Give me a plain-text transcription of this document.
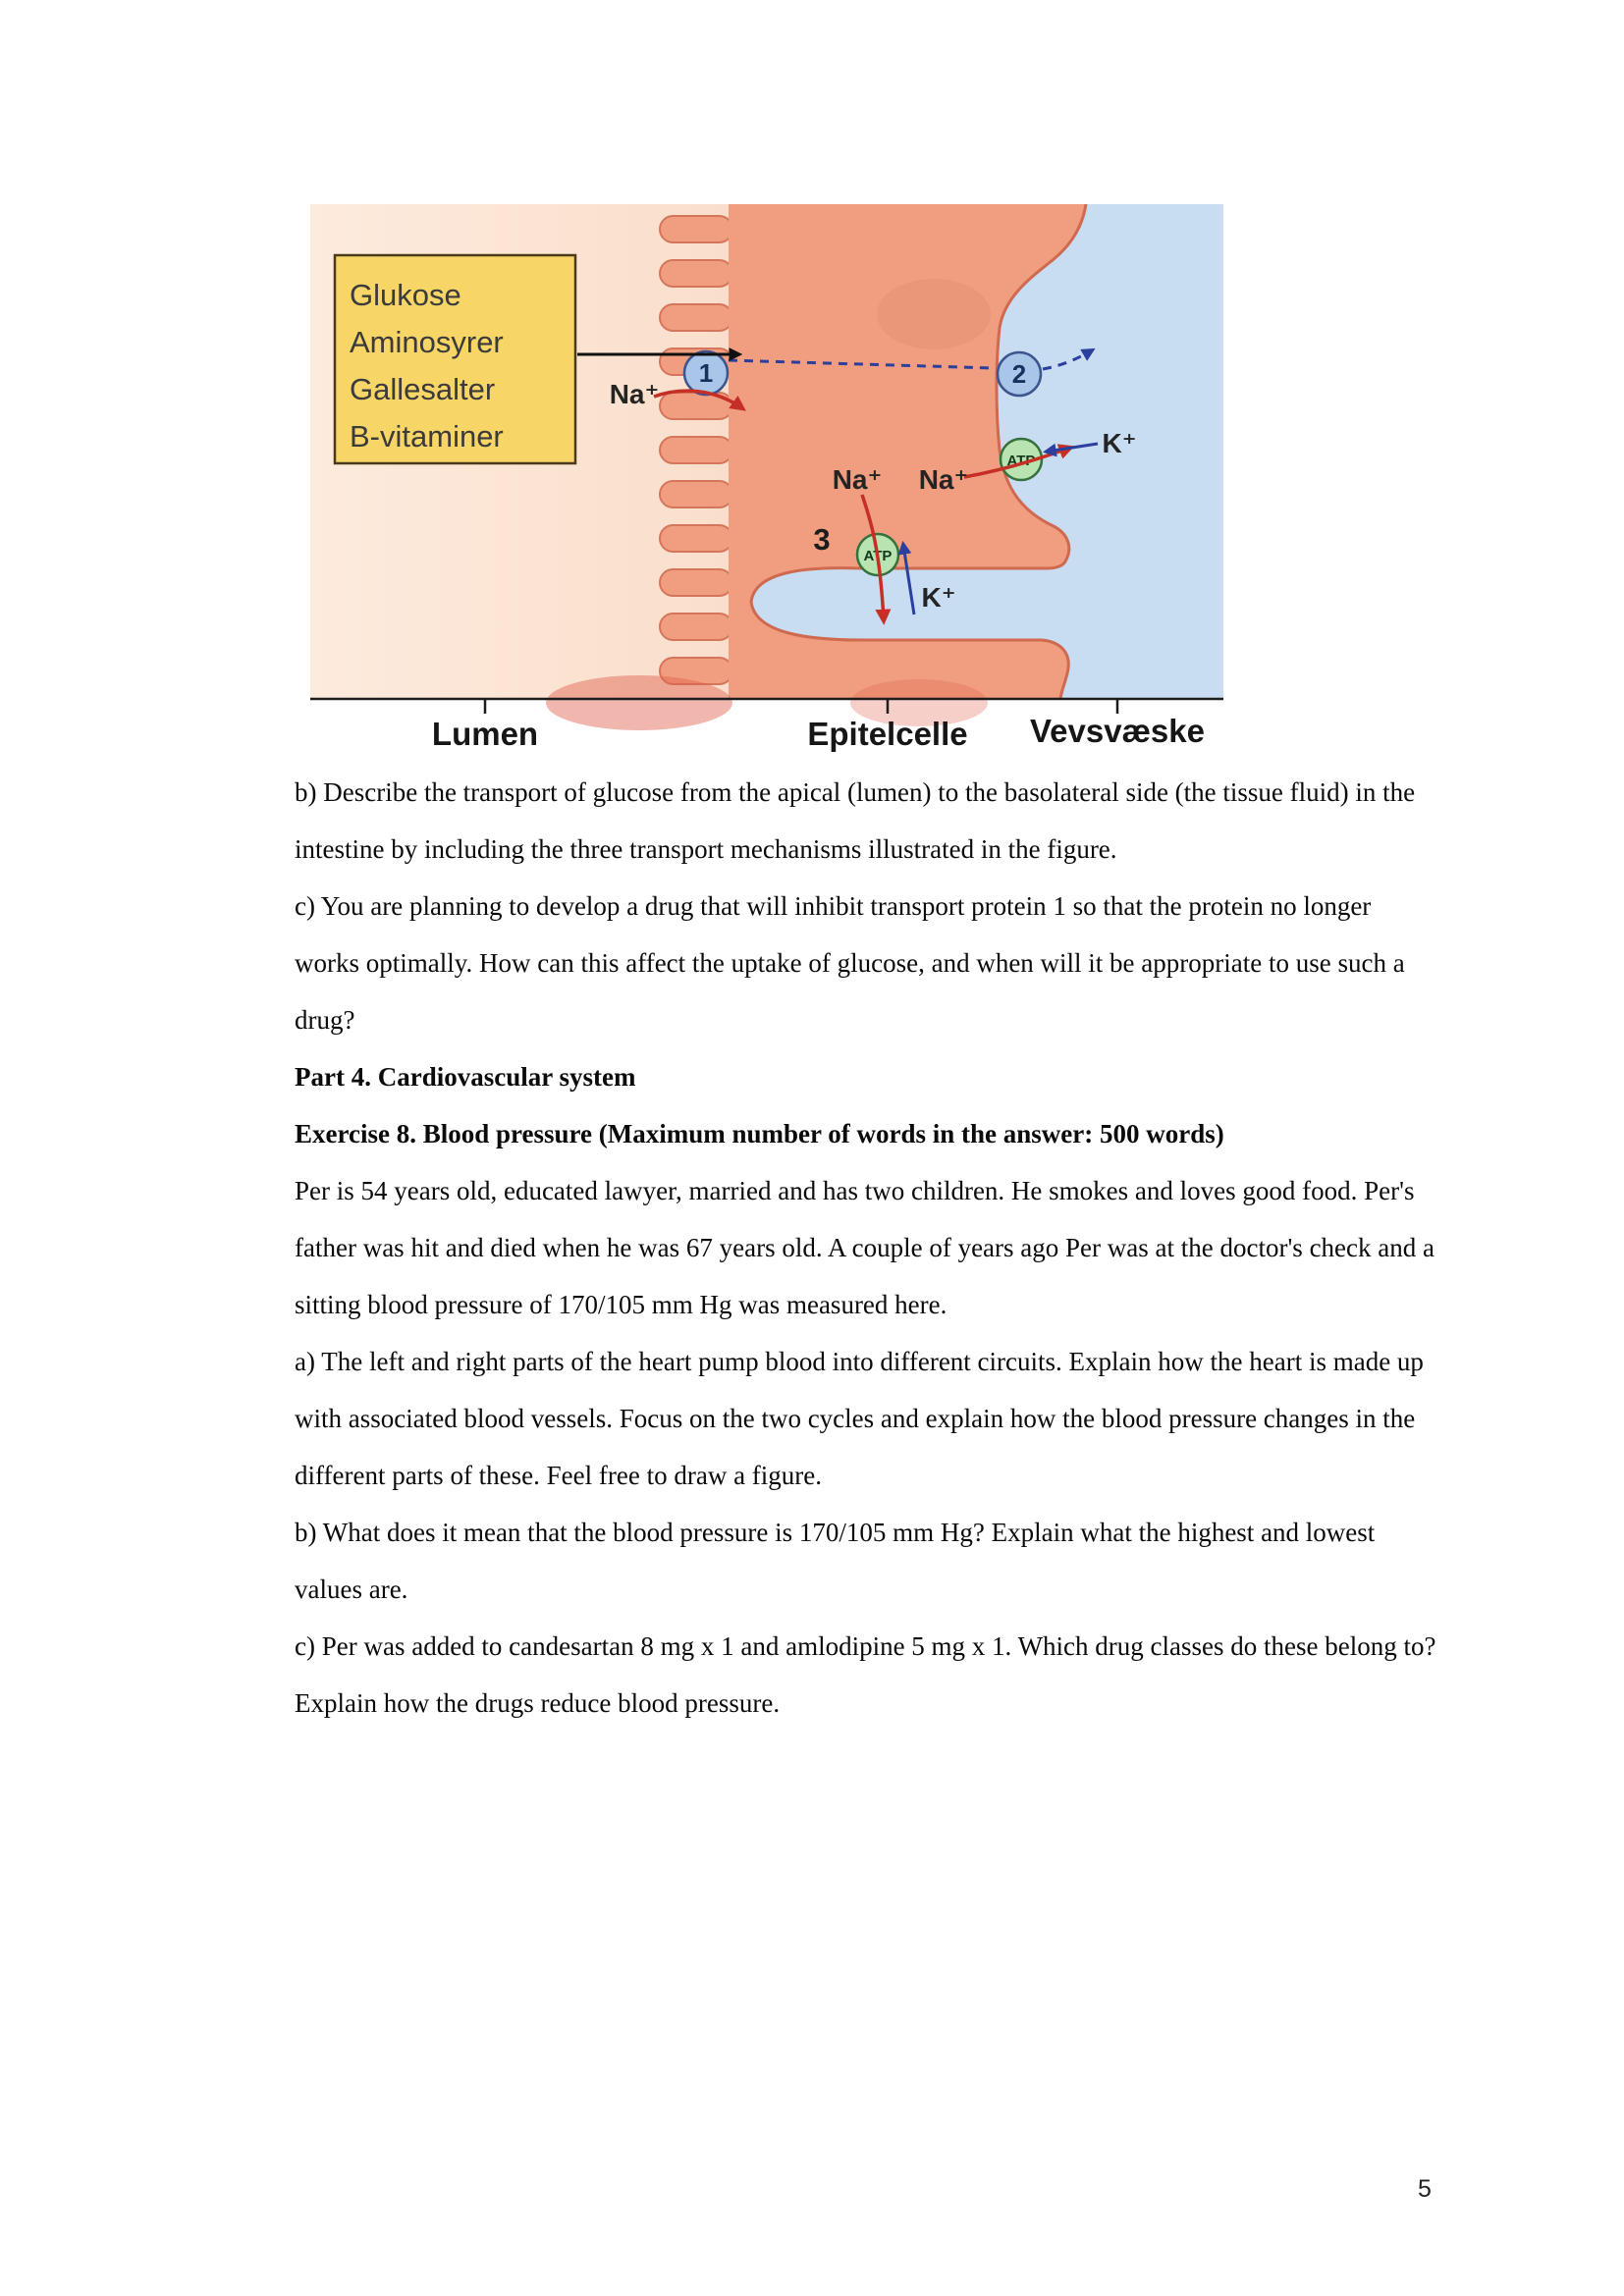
Glukose
Aminosyrer
Gallesalter
B-vitaminer
1	2
Na⁺
ATP
K⁺
Na⁺
Na⁺
3 ATP
K⁺
Lumen	Epitelcelle Vevsvæske

b) Describe the transport of glucose from the apical (lumen) to the basolateral side (the tissue fluid) in the intestine by including the three transport mechanisms illustrated in the figure.

c) You are planning to develop a drug that will inhibit transport protein 1 so that the protein no longer works optimally. How can this affect the uptake of glucose, and when will it be appropriate to use such a drug?

Part 4. Cardiovascular system

Exercise 8. Blood pressure (Maximum number of words in the answer: 500 words)

Per is 54 years old, educated lawyer, married and has two children. He smokes and loves good food. Per's father was hit and died when he was 67 years old. A couple of years ago Per was at the doctor's check and a sitting blood pressure of 170/105 mm Hg was measured here.

a) The left and right parts of the heart pump blood into different circuits. Explain how the heart is made up with associated blood vessels. Focus on the two cycles and explain how the blood pressure changes in the different parts of these. Feel free to draw a figure.

b) What does it mean that the blood pressure is 170/105 mm Hg? Explain what the highest and lowest values are.

c) Per was added to candesartan 8 mg x 1 and amlodipine 5 mg x 1. Which drug classes do these belong to? Explain how the drugs reduce blood pressure.

5
